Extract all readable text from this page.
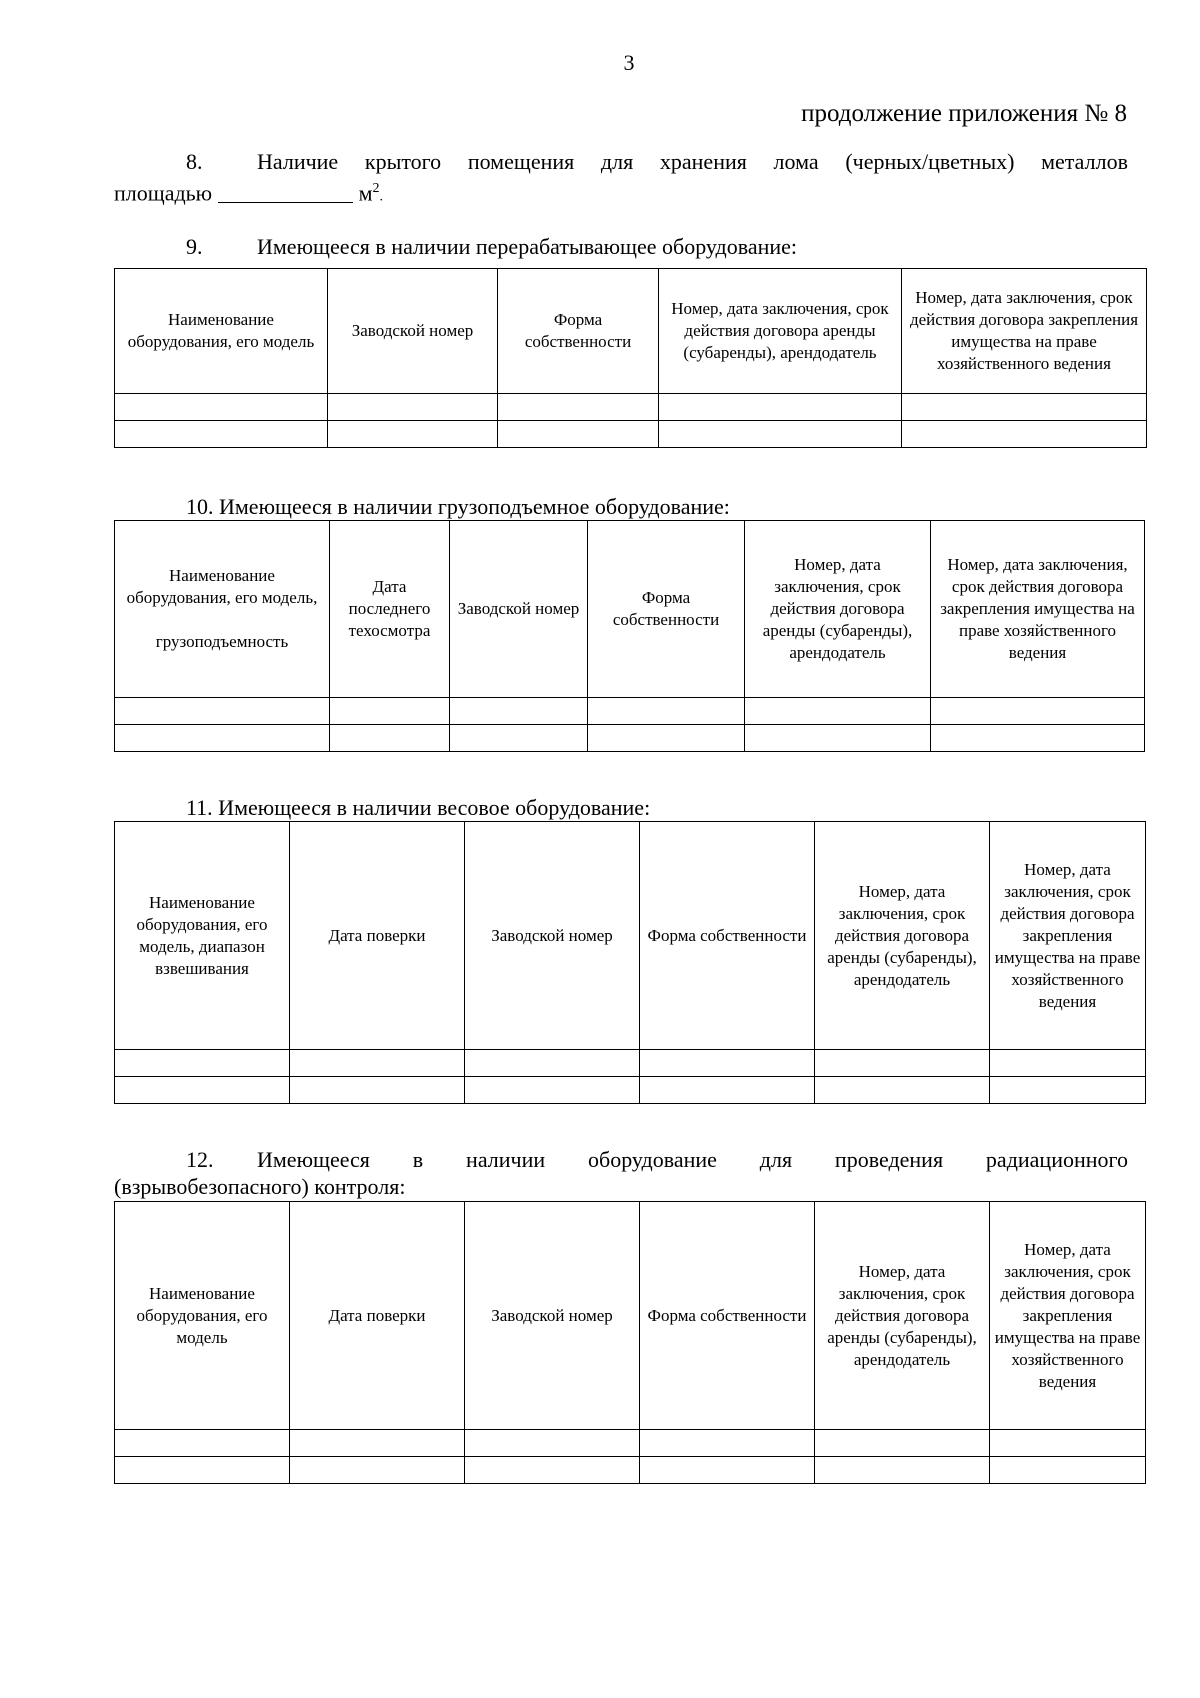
3
продолжение приложения № 8
8.	Наличие крытого помещения для хранения лома (черных/цветных) металлов
площадью	$м^2$.
9.	Имеющееся в наличии перерабатывающее оборудование:
Наименование оборудования, его модель	Заводской номер	Форма собственности	Номер, дата заключения, срок действия договора аренды (субаренды), арендодатель	Номер, дата заключения, срок действия договора закрепления имущества на праве хозяйственного ведения

10. Имеющееся в наличии грузоподъемное оборудование:
Наименование оборудования, его модель,
грузоподъемность	Дата последнего техосмотра	Заводской номер	Форма собственности	Номер, дата заключения, срок действия договора аренды (субаренды), арендодатель	Номер, дата заключения, срок действия договора закрепления имущества на праве хозяйственного ведения

11. Имеющееся в наличии весовое оборудование:
Наименование оборудования, его модель, диапазон взвешивания	Дата поверки	Заводской номер	Форма собственности	Номер, дата заключения, срок действия договора аренды (субаренды), арендодатель	Номер, дата заключения, срок действия договора закрепления имущества на праве хозяйственного ведения

12.	Имеющееся в наличии оборудование для проведения радиационного
(взрывобезопасного) контроля:
Наименование оборудования, его модель	Дата поверки	Заводской номер	Форма собственности	Номер, дата заключения, срок действия договора аренды (субаренды), арендодатель	Номер, дата заключения, срок действия договора закрепления имущества на праве хозяйственного ведения
